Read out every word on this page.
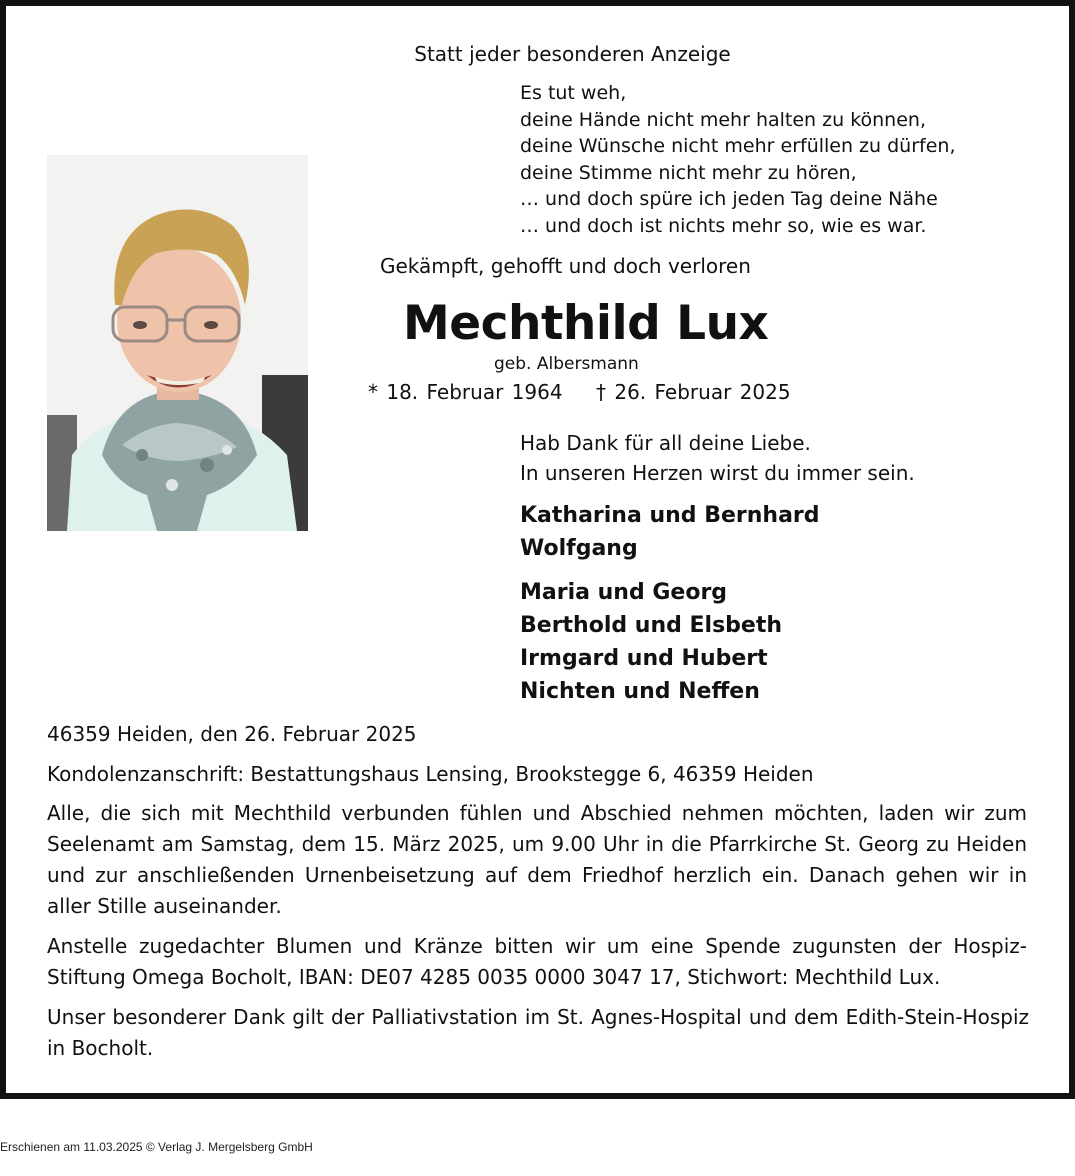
Statt jeder besonderen Anzeige
Es tut weh,
deine Hände nicht mehr halten zu können,
deine Wünsche nicht mehr erfüllen zu dürfen,
deine Stimme nicht mehr zu hören,
… und doch spüre ich jeden Tag deine Nähe
… und doch ist nichts mehr so, wie es war.
Gekämpft, gehofft und doch verloren
Mechthild Lux
geb. Albersmann
* 18. Februar 1964    † 26. Februar 2025
Hab Dank für all deine Liebe.
In unseren Herzen wirst du immer sein.
Katharina und Bernhard
Wolfgang
Maria und Georg
Berthold und Elsbeth
Irmgard und Hubert
Nichten und Neffen
46359 Heiden, den 26. Februar 2025
Kondolenzanschrift: Bestattungshaus Lensing, Brookstegge 6, 46359 Heiden
Alle, die sich mit Mechthild verbunden fühlen und Abschied nehmen möchten, laden wir zum Seelenamt am Samstag, dem 15. März 2025, um 9.00 Uhr in die Pfarrkirche St. Georg zu Heiden und zur anschließenden Urnenbeisetzung auf dem Friedhof herzlich ein. Danach gehen wir in aller Stille auseinander.
Anstelle zugedachter Blumen und Kränze bitten wir um eine Spende zugunsten der Hospiz-Stiftung Omega Bocholt, IBAN: DE07 4285 0035 0000 3047 17, Stichwort: Mechthild Lux.
Unser besonderer Dank gilt der Palliativstation im St. Agnes-Hospital und dem Edith-Stein-Hospiz in Bocholt.
Erschienen am 11.03.2025 © Verlag J. Mergelsberg GmbH
